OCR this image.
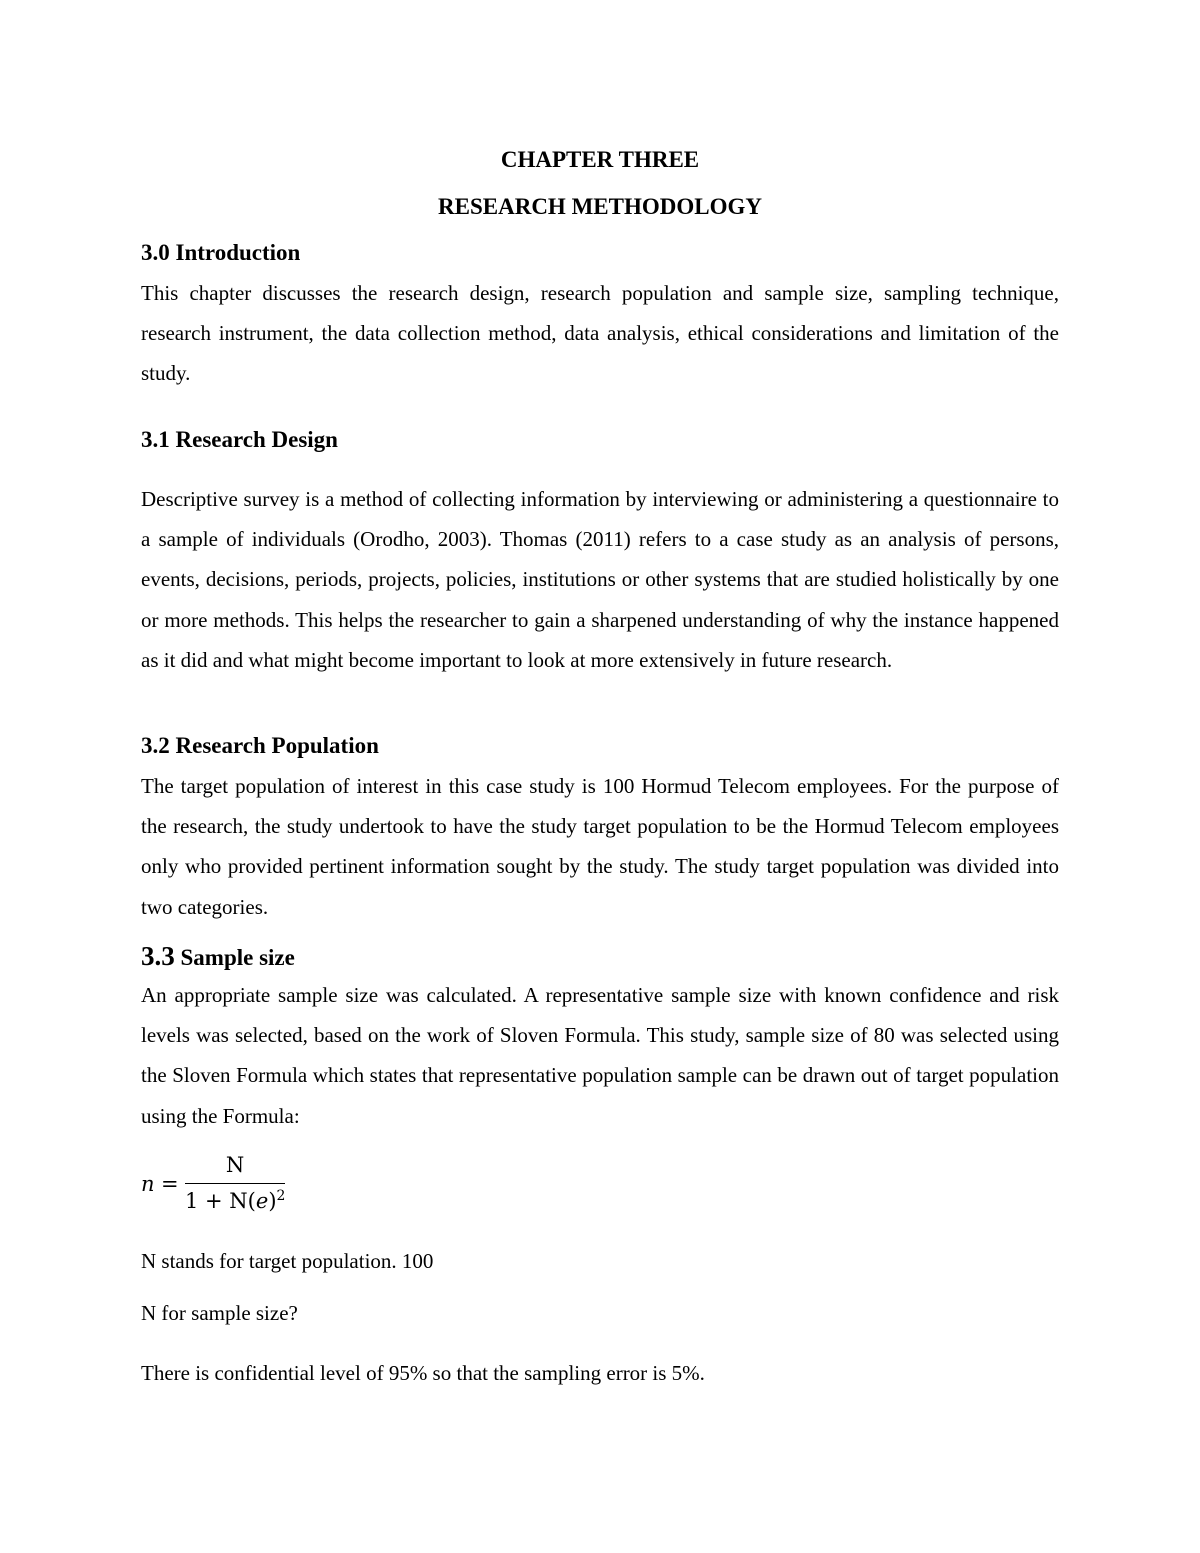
CHAPTER THREE
RESEARCH METHODOLOGY
3.0 Introduction

This chapter discusses the research design, research population and sample size, sampling technique, research instrument, the data collection method, data analysis, ethical considerations and limitation of the study.

3.1 Research Design

Descriptive survey is a method of collecting information by interviewing or administering a questionnaire to a sample of individuals (Orodho, 2003). Thomas (2011) refers to a case study as an analysis of persons, events, decisions, periods, projects, policies, institutions or other systems that are studied holistically by one or more methods. This helps the researcher to gain a sharpened understanding of why the instance happened as it did and what might become important to look at more extensively in future research.

3.2 Research Population

The target population of interest in this case study is 100 Hormud Telecom employees. For the purpose of the research, the study undertook to have the study target population to be the Hormud Telecom employees only who provided pertinent information sought by the study. The study target population was divided into two categories.

3.3 Sample size

An appropriate sample size was calculated. A representative sample size with known confidence and risk levels was selected, based on the work of Sloven Formula. This study, sample size of 80 was selected using the Sloven Formula which states that representative population sample can be drawn out of target population using the Formula:

n =
N
$1 + N(e)^2$
N stands for target population. 100
N for sample size?
There is confidential level of 95% so that the sampling error is 5%.
